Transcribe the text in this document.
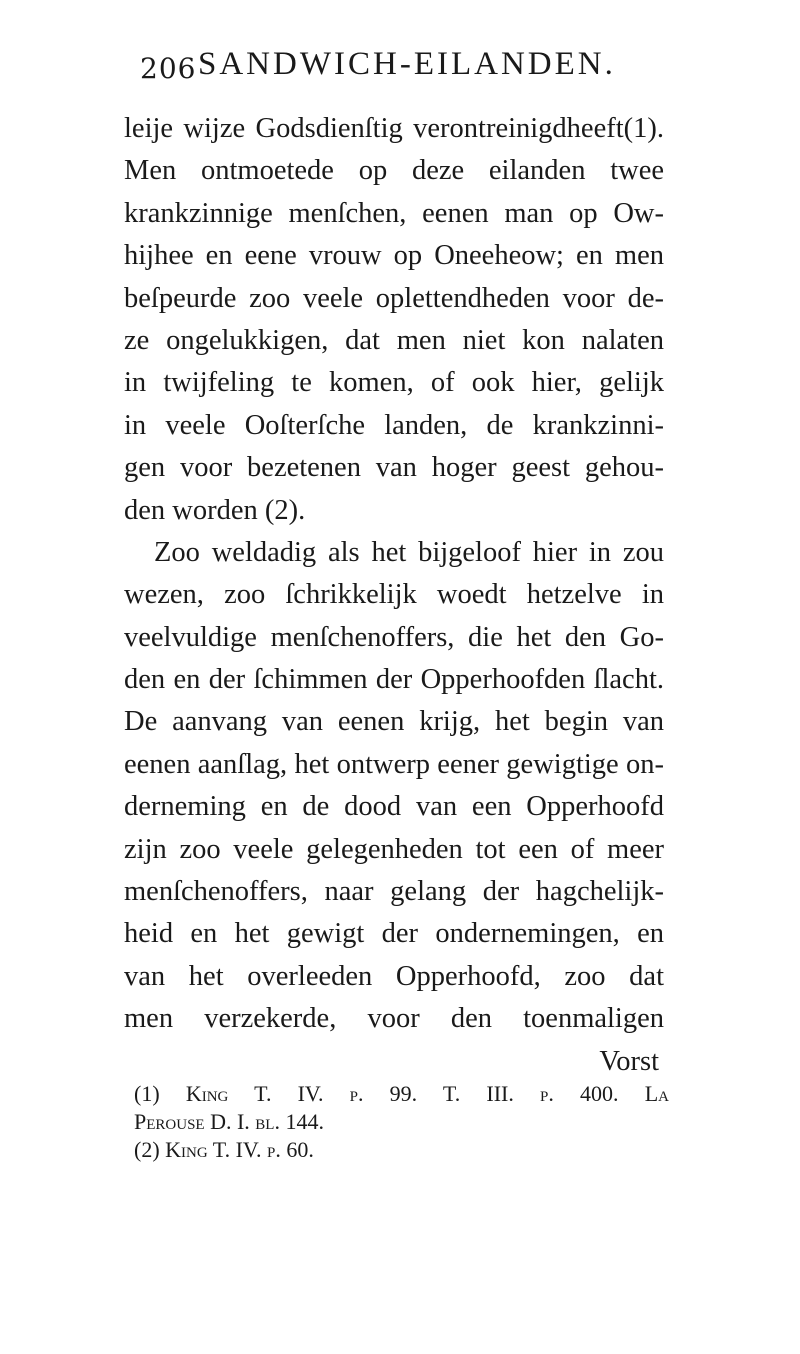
206 SANDWICH-EILANDEN.
leije wijze Godsdienſtig verontreinigdheeft(1).
Men ontmoetede op deze eilanden twee
krankzinnige menſchen, eenen man op Ow-
hijhee en eene vrouw op Oneeheow; en men
beſpeurde zoo veele oplettendheden voor de-
ze ongelukkigen, dat men niet kon nalaten
in twijfeling te komen, of ook hier, gelijk
in veele Ooſterſche landen, de krankzinni-
gen voor bezetenen van hoger geest gehou-
den worden (2).
Zoo weldadig als het bijgeloof hier in zou
wezen, zoo ſchrikkelijk woedt hetzelve in
veelvuldige menſchenoffers, die het den Go-
den en der ſchimmen der Opperhoofden ſlacht.
De aanvang van eenen krijg, het begin van
eenen aanſlag, het ontwerp eener gewigtige on-
derneming en de dood van een Opperhoofd
zijn zoo veele gelegenheden tot een of meer
menſchenoffers, naar gelang der hagchelijk-
heid en het gewigt der ondernemingen, en
van het overleeden Opperhoofd, zoo dat
men verzekerde, voor den toenmaligen
Vorst
(1) King T. IV. p. 99. T. III. p. 400. La
Perouse D. I. bl. 144.
(2) King T. IV. p. 60.
